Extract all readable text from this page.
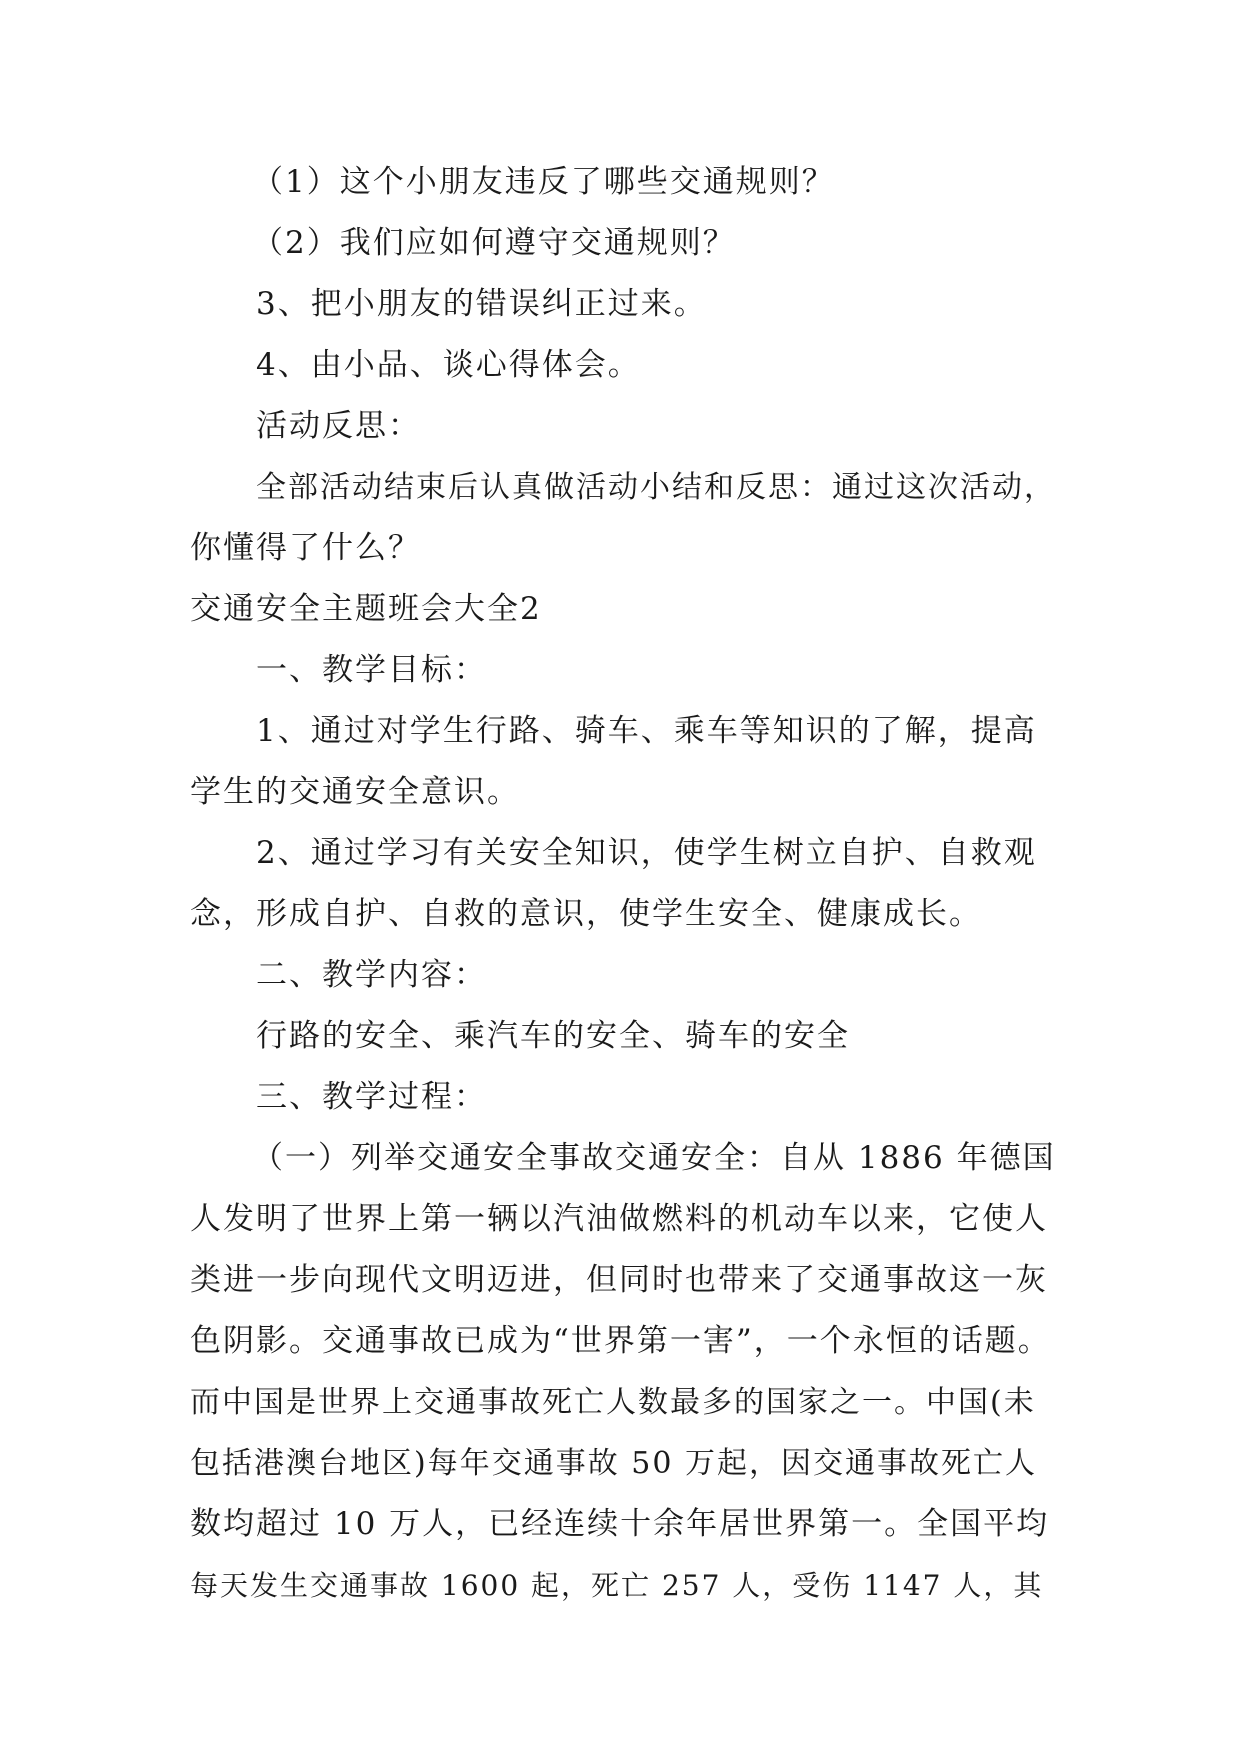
（1）这个小朋友违反了哪些交通规则？

（2）我们应如何遵守交通规则？

3、把小朋友的错误纠正过来。

4、由小品、谈心得体会。

活动反思：

全部活动结束后认真做活动小结和反思：通过这次活动，

你懂得了什么？

交通安全主题班会大全2

一、教学目标：

1、通过对学生行路、骑车、乘车等知识的了解，提高

学生的交通安全意识。

2、通过学习有关安全知识，使学生树立自护、自救观

念，形成自护、自救的意识，使学生安全、健康成长。

二、教学内容：

行路的安全、乘汽车的安全、骑车的安全

三、教学过程：

（一）列举交通安全事故交通安全：自从 1886 年德国

人发明了世界上第一辆以汽油做燃料的机动车以来，它使人

类进一步向现代文明迈进，但同时也带来了交通事故这一灰

色阴影。交通事故已成为“世界第一害”，一个永恒的话题。

而中国是世界上交通事故死亡人数最多的国家之一。中国(未

包括港澳台地区)每年交通事故 50 万起，因交通事故死亡人

数均超过 10 万人，已经连续十余年居世界第一。全国平均

每天发生交通事故 1600 起，死亡 257 人，受伤 1147 人，其
